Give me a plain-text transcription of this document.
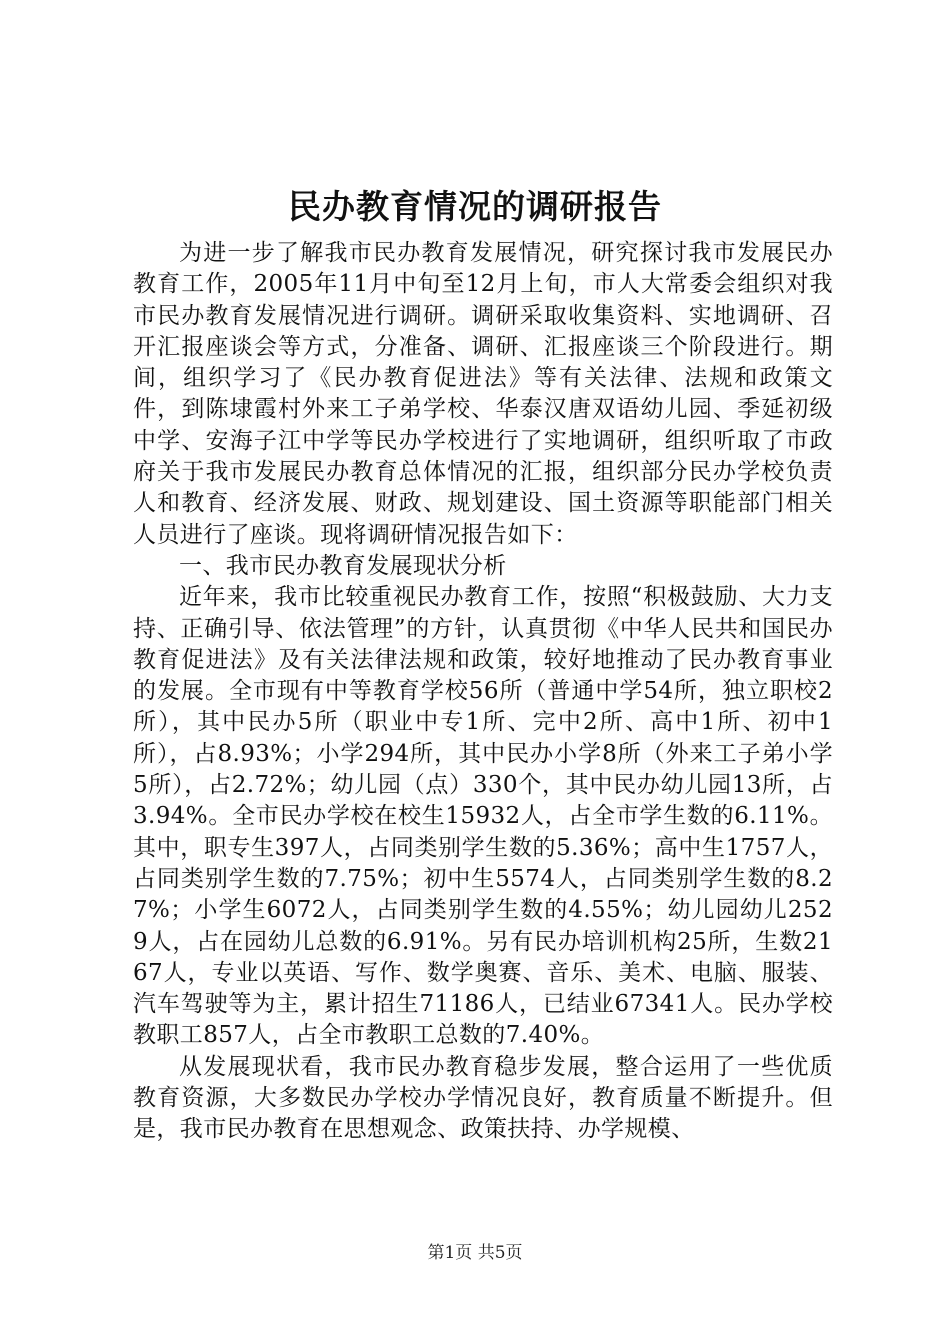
民办教育情况的调研报告

为进一步了解我市民办教育发展情况，研究探讨我市发展民办教育工作，2005年11月中旬至12月上旬，市人大常委会组织对我市民办教育发展情况进行调研。调研采取收集资料、实地调研、召开汇报座谈会等方式，分准备、调研、汇报座谈三个阶段进行。期间，组织学习了《民办教育促进法》等有关法律、法规和政策文件，到陈埭霞村外来工子弟学校、华泰汉唐双语幼儿园、季延初级中学、安海子江中学等民办学校进行了实地调研，组织听取了市政府关于我市发展民办教育总体情况的汇报，组织部分民办学校负责人和教育、经济发展、财政、规划建设、国土资源等职能部门相关人员进行了座谈。现将调研情况报告如下：

一、我市民办教育发展现状分析

近年来，我市比较重视民办教育工作，按照“积极鼓励、大力支持、正确引导、依法管理”的方针，认真贯彻《中华人民共和国民办教育促进法》及有关法律法规和政策，较好地推动了民办教育事业的发展。全市现有中等教育学校56所（普通中学54所，独立职校2所），其中民办5所（职业中专1所、完中2所、高中1所、初中1所），占8.93%；小学294所，其中民办小学8所（外来工子弟小学5所），占2.72%；幼儿园（点）330个，其中民办幼儿园13所，占3.94%。全市民办学校在校生15932人，占全市学生数的6.11%。其中，职专生397人，占同类别学生数的5.36%；高中生1757人，占同类别学生数的7.75%；初中生5574人，占同类别学生数的8.27%；小学生6072人，占同类别学生数的4.55%；幼儿园幼儿2529人，占在园幼儿总数的6.91%。另有民办培训机构25所，生数2167人，专业以英语、写作、数学奥赛、音乐、美术、电脑、服装、汽车驾驶等为主，累计招生71186人，已结业67341人。民办学校教职工857人，占全市教职工总数的7.40%。

从发展现状看，我市民办教育稳步发展，整合运用了一些优质教育资源，大多数民办学校办学情况良好，教育质量不断提升。但是，我市民办教育在思想观念、政策扶持、办学规模、

第1页 共5页
